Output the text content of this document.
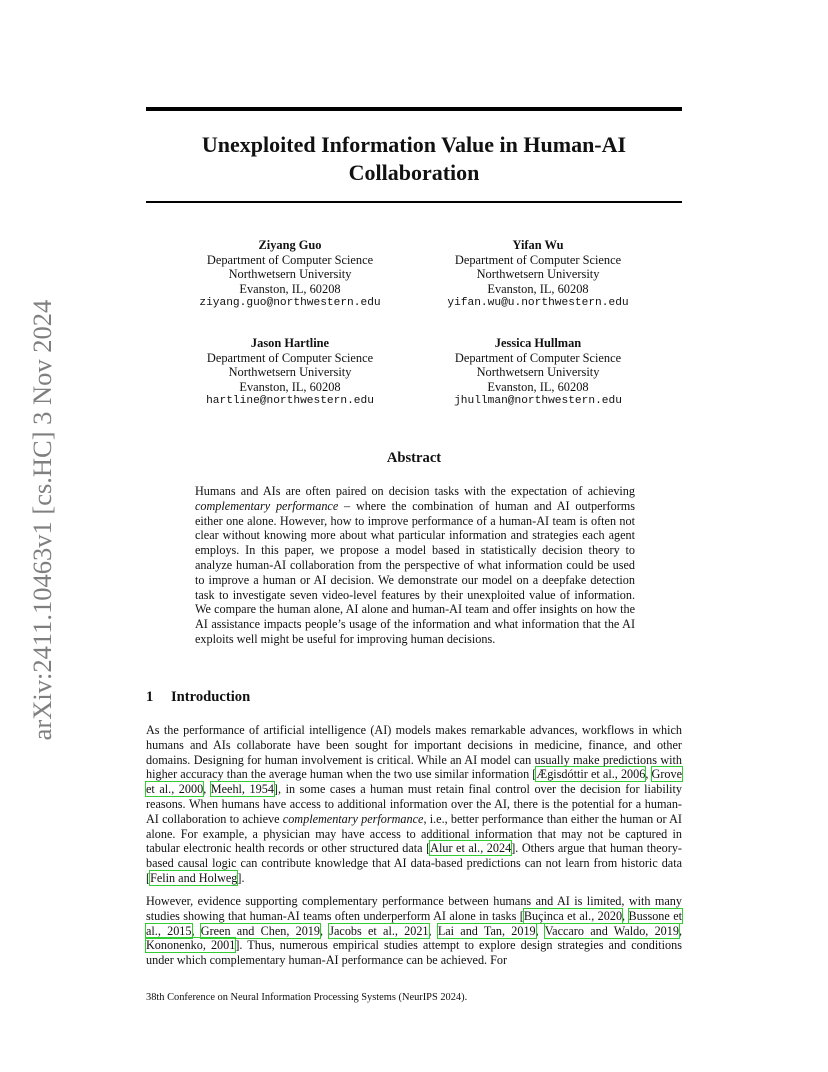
arXiv:2411.10463v1 [cs.HC] 3 Nov 2024
Unexploited Information Value in Human-AI Collaboration
Ziyang Guo
Department of Computer Science
Northwetsern University
Evanston, IL, 60208
ziyang.guo@northwestern.edu
Yifan Wu
Department of Computer Science
Northwetsern University
Evanston, IL, 60208
yifan.wu@u.northwestern.edu
Jason Hartline
Department of Computer Science
Northwetsern University
Evanston, IL, 60208
hartline@northwestern.edu
Jessica Hullman
Department of Computer Science
Northwetsern University
Evanston, IL, 60208
jhullman@northwestern.edu
Abstract

Humans and AIs are often paired on decision tasks with the expectation of achieving complementary performance – where the combination of human and AI outperforms either one alone. However, how to improve performance of a human-AI team is often not clear without knowing more about what particular information and strategies each agent employs. In this paper, we propose a model based in statistically decision theory to analyze human-AI collaboration from the perspective of what information could be used to improve a human or AI decision. We demonstrate our model on a deepfake detection task to investigate seven video-level features by their unexploited value of information. We compare the human alone, AI alone and human-AI team and offer insights on how the AI assistance impacts people’s usage of the information and what information that the AI exploits well might be useful for improving human decisions.

1 Introduction

As the performance of artificial intelligence (AI) models makes remarkable advances, workflows in which humans and AIs collaborate have been sought for important decisions in medicine, finance, and other domains. Designing for human involvement is critical. While an AI model can usually make predictions with higher accuracy than the average human when the two use similar information [Ægisdóttir et al., 2006, Grove et al., 2000, Meehl, 1954], in some cases a human must retain final control over the decision for liability reasons. When humans have access to additional information over the AI, there is the potential for a human-AI collaboration to achieve complementary performance, i.e., better performance than either the human or AI alone. For example, a physician may have access to additional information that may not be captured in tabular electronic health records or other structured data [Alur et al., 2024]. Others argue that human theory-based causal logic can contribute knowledge that AI data-based predictions can not learn from historic data [Felin and Holweg].

However, evidence supporting complementary performance between humans and AI is limited, with many studies showing that human-AI teams often underperform AI alone in tasks [Buçinca et al., 2020, Bussone et al., 2015, Green and Chen, 2019, Jacobs et al., 2021, Lai and Tan, 2019, Vaccaro and Waldo, 2019, Kononenko, 2001]. Thus, numerous empirical studies attempt to explore design strategies and conditions under which complementary human-AI performance can be achieved. For

38th Conference on Neural Information Processing Systems (NeurIPS 2024).
